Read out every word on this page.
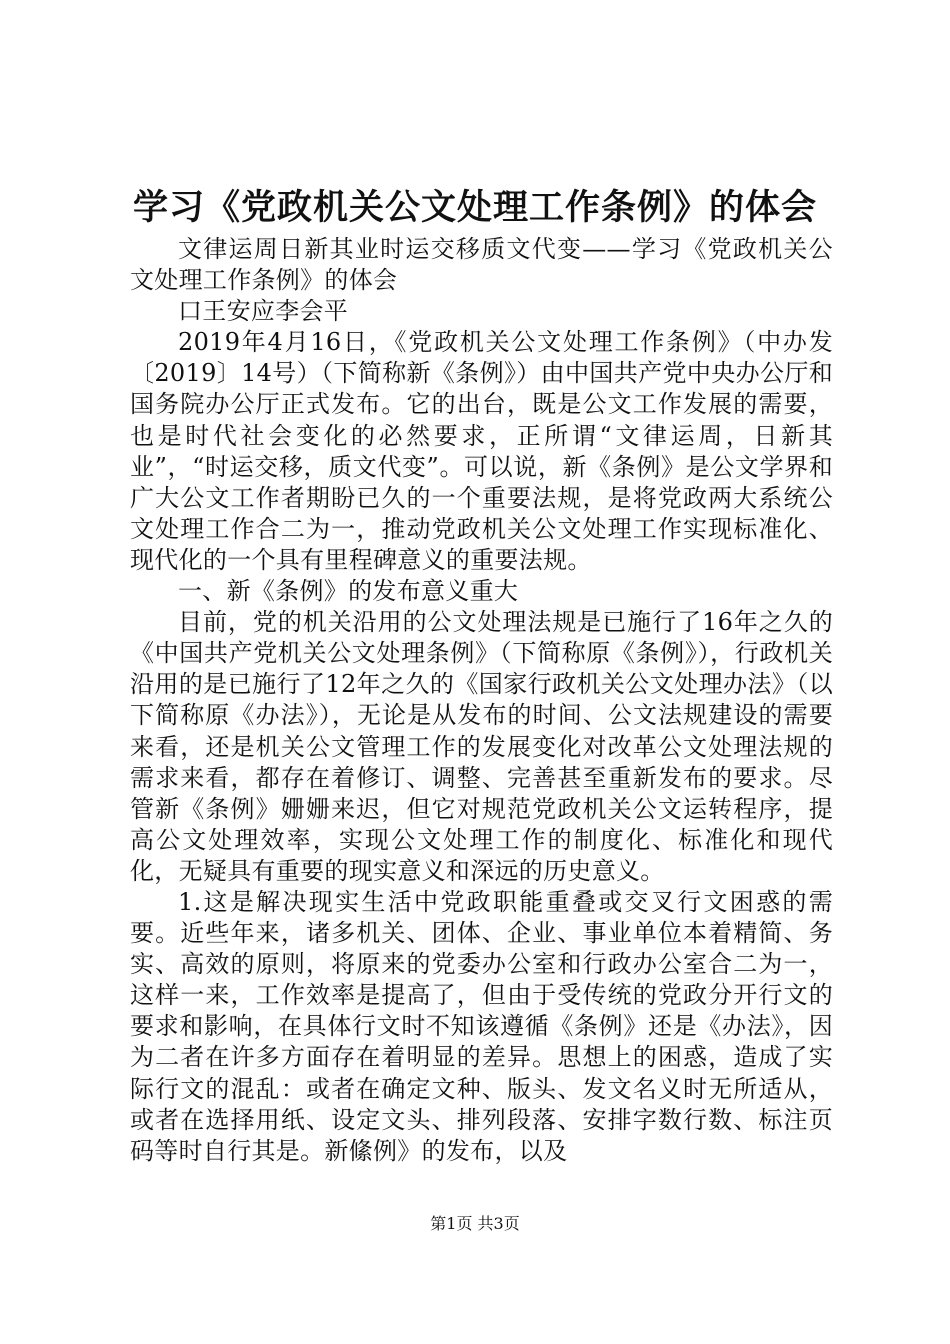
学习《党政机关公文处理工作条例》的体会

文律运周日新其业时运交移质文代变——学习《党政机关公文处理工作条例》的体会

口王安应李会平

2019年4月16日，《党政机关公文处理工作条例》（中办发〔2019〕14号）（下简称新《条例》）由中国共产党中央办公厅和国务院办公厅正式发布。它的出台，既是公文工作发展的需要，也是时代社会变化的必然要求，正所谓“文律运周，日新其业”，“时运交移，质文代变”。可以说，新《条例》是公文学界和广大公文工作者期盼已久的一个重要法规，是将党政两大系统公文处理工作合二为一，推动党政机关公文处理工作实现标准化、现代化的一个具有里程碑意义的重要法规。

一、新《条例》的发布意义重大

目前，党的机关沿用的公文处理法规是已施行了16年之久的《中国共产党机关公文处理条例》（下简称原《条例》），行政机关沿用的是已施行了12年之久的《国家行政机关公文处理办法》（以下简称原《办法》），无论是从发布的时间、公文法规建设的需要来看，还是机关公文管理工作的发展变化对改革公文处理法规的需求来看，都存在着修订、调整、完善甚至重新发布的要求。尽管新《条例》姗姗来迟，但它对规范党政机关公文运转程序，提高公文处理效率，实现公文处理工作的制度化、标准化和现代化，无疑具有重要的现实意义和深远的历史意义。

1.这是解决现实生活中党政职能重叠或交叉行文困惑的需要。近些年来，诸多机关、团体、企业、事业单位本着精简、务实、高效的原则，将原来的党委办公室和行政办公室合二为一，这样一来，工作效率是提高了，但由于受传统的党政分开行文的要求和影响，在具体行文时不知该遵循《条例》还是《办法》，因为二者在许多方面存在着明显的差异。思想上的困惑，造成了实际行文的混乱：或者在确定文种、版头、发文名义时无所适从，或者在选择用纸、设定文头、排列段落、安排字数行数、标注页码等时自行其是。新絛例》的发布，以及

第1页 共3页
